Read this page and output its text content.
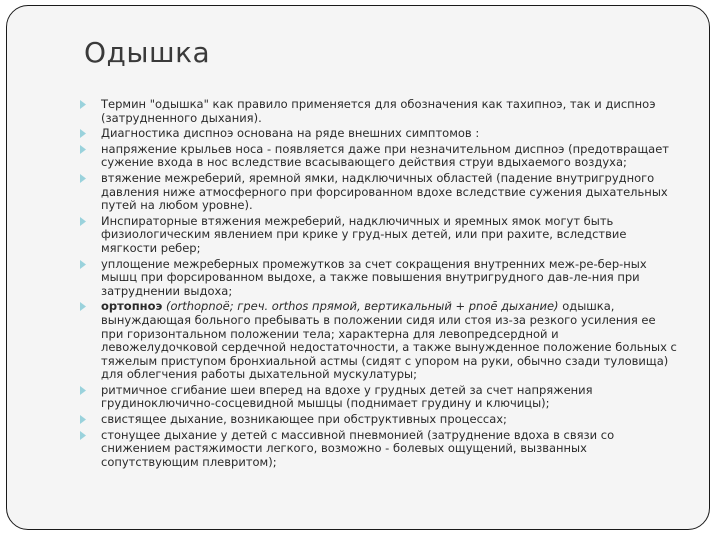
Одышка
Термин "одышка" как правило применяется для обозначения как тахипноэ, так и диспноэ (затрудненного дыхания).
Диагностика диспноэ основана на ряде внешних симптомов :
напряжение крыльев носа - появляется даже при незначительном диспноэ (предотвращает сужение входа в нос вследствие всасывающего действия струи вдыхаемого воздуха;
втяжение межреберий, яремной ямки, надключичных областей (падение внутригрудного давления ниже атмосферного при форсированном вдохе вследствие сужения дыхательных путей на любом уровне).
Инспираторные втяжения межреберий, надключичных и яремных ямок могут быть физиологическим явлением при крике у груд-ных детей, или при рахите, вследствие мягкости ребер;
уплощение межреберных промежутков за счет сокращения внутренних меж-ре-бер-ных мышц при форсированном выдохе, а также повышения внутригрудного дав-ле-ния при затруднении выдоха;
ортопноэ (orthopnoë; греч. orthos прямой, вертикальный + pnoē дыхание) одышка, вынуждающая больного пребывать в положении сидя или стоя из-за резкого усиления ее при горизонтальном положении тела; характерна для левопредсердной и левожелудочковой сердечной недостаточности, а также вынужденное положение больных с тяжелым приступом бронхиальной астмы (сидят с упором на руки, обычно сзади туловища) для облегчения работы дыхательной мускулатуры;
ритмичное сгибание шеи вперед на вдохе у грудных детей за счет напряжения грудиноключично-сосцевидной мышцы (поднимает грудину и ключицы);
свистящее дыхание, возникающее при обструктивных процессах;
стонущее дыхание у детей с массивной пневмонией (затруднение вдоха в связи со снижением растяжимости легкого, возможно - болевых ощущений, вызванных сопутствующим плевритом);
